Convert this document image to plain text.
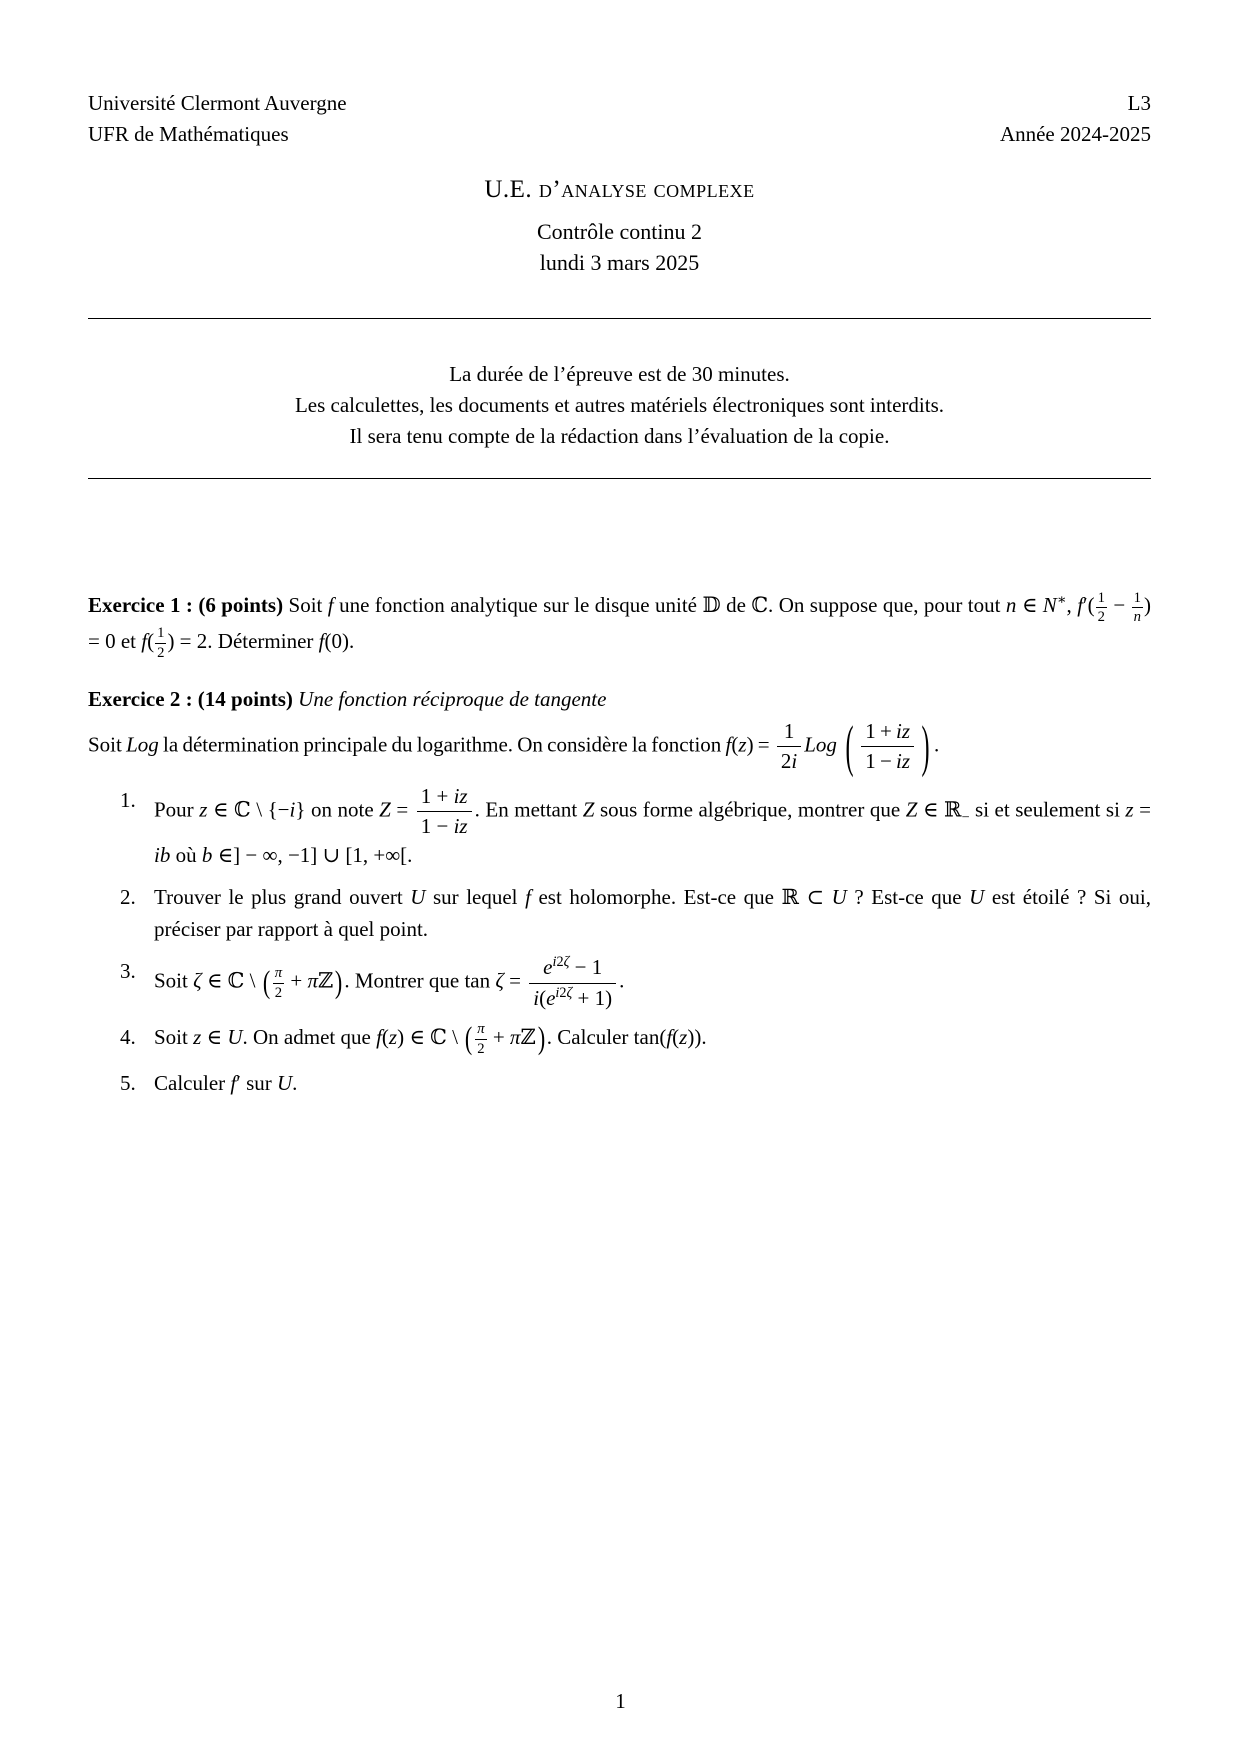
Université Clermont Auvergne
UFR de Mathématiques
L3
Année 2024-2025
U.E. d’analyse complexe
Contrôle continu 2
lundi 3 mars 2025
La durée de l’épreuve est de 30 minutes.
Les calculettes, les documents et autres matériels électroniques sont interdits.
Il sera tenu compte de la rédaction dans l’évaluation de la copie.

Exercice 1 : (6 points) Soit f une fonction analytique sur le disque unité 𝔻 de ℂ. On suppose que, pour tout n ∈ N∗, $f'( \frac{1}{2} - \frac{1}{n}$ ) = 0 et $f( \frac{1}{2}$ ) = 2. Déterminer f(0).

Exercice 2 : (14 points) Une fonction réciproque de tangente

Soit Log la détermination principale du logarithme. On considère la fonction $f(z) = \frac{1}{2i}$ Log ( $\frac{1 + iz}{1 - iz}$ ) .

1. Pour z ∈ ℂ \ {−i} on note $Z = \frac{1 + iz}{1 - iz}$ . En mettant Z sous forme algébrique, montrer que Z ∈ ℝ$_-$ si et seulement si z = ib où b ∈] − ∞, −1] ∪ [1, +∞[.
2. Trouver le plus grand ouvert U sur lequel f est holomorphe. Est-ce que ℝ ⊂ U ? Est-ce que U est étoilé ? Si oui, préciser par rapport à quel point.
3. Soit ζ ∈ ℂ \ ( $\frac{\pi}{2}$ + πℤ). Montrer que $\tan \zeta = \frac{e^{i2\zeta} - 1}{i(e^{i2\zeta} + 1)}$ .
4. Soit z ∈ U. On admet que f(z) ∈ ℂ \ ( $\frac{\pi}{2}$ + πℤ). Calculer tan(f(z)).
5. Calculer f′ sur U.
1
